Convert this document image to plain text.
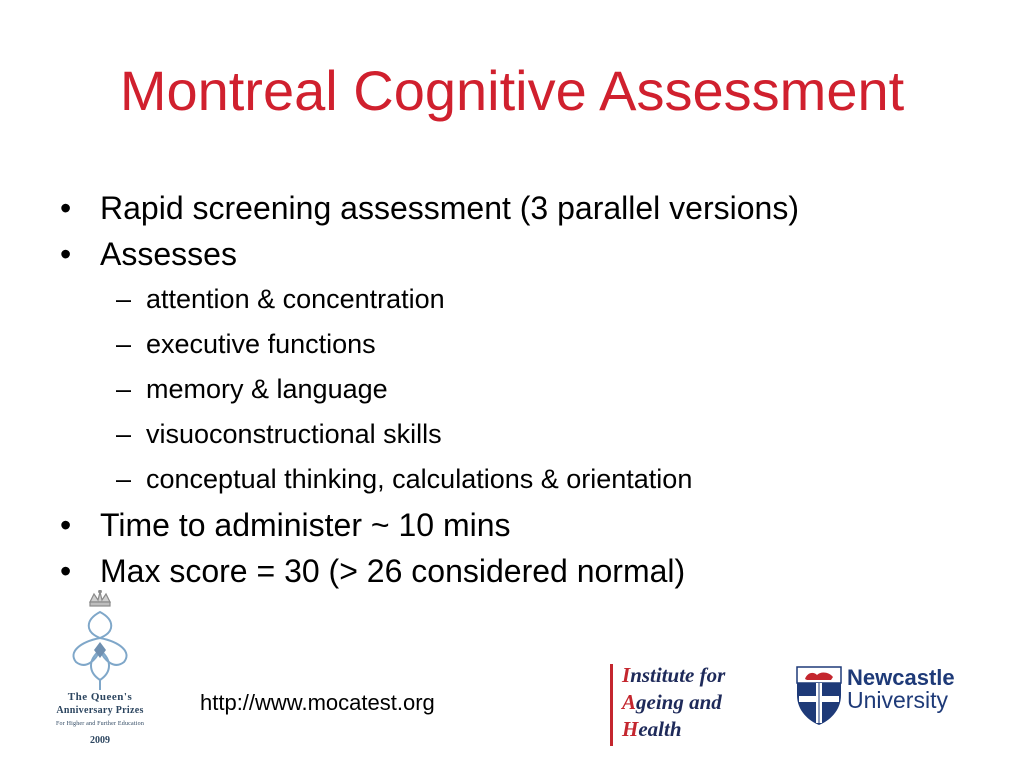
Montreal Cognitive Assessment
• Rapid screening assessment (3 parallel versions)
• Assesses
– attention & concentration
– executive functions
– memory & language
– visuoconstructional skills
– conceptual thinking, calculations & orientation
• Time to administer ~ 10 mins
• Max score = 30 (> 26 considered normal)
The Queen's
Anniversary Prizes
For Higher and Further Education
2009
http://www.mocatest.org
Institute for
Ageing and
Health
Newcastle
University
